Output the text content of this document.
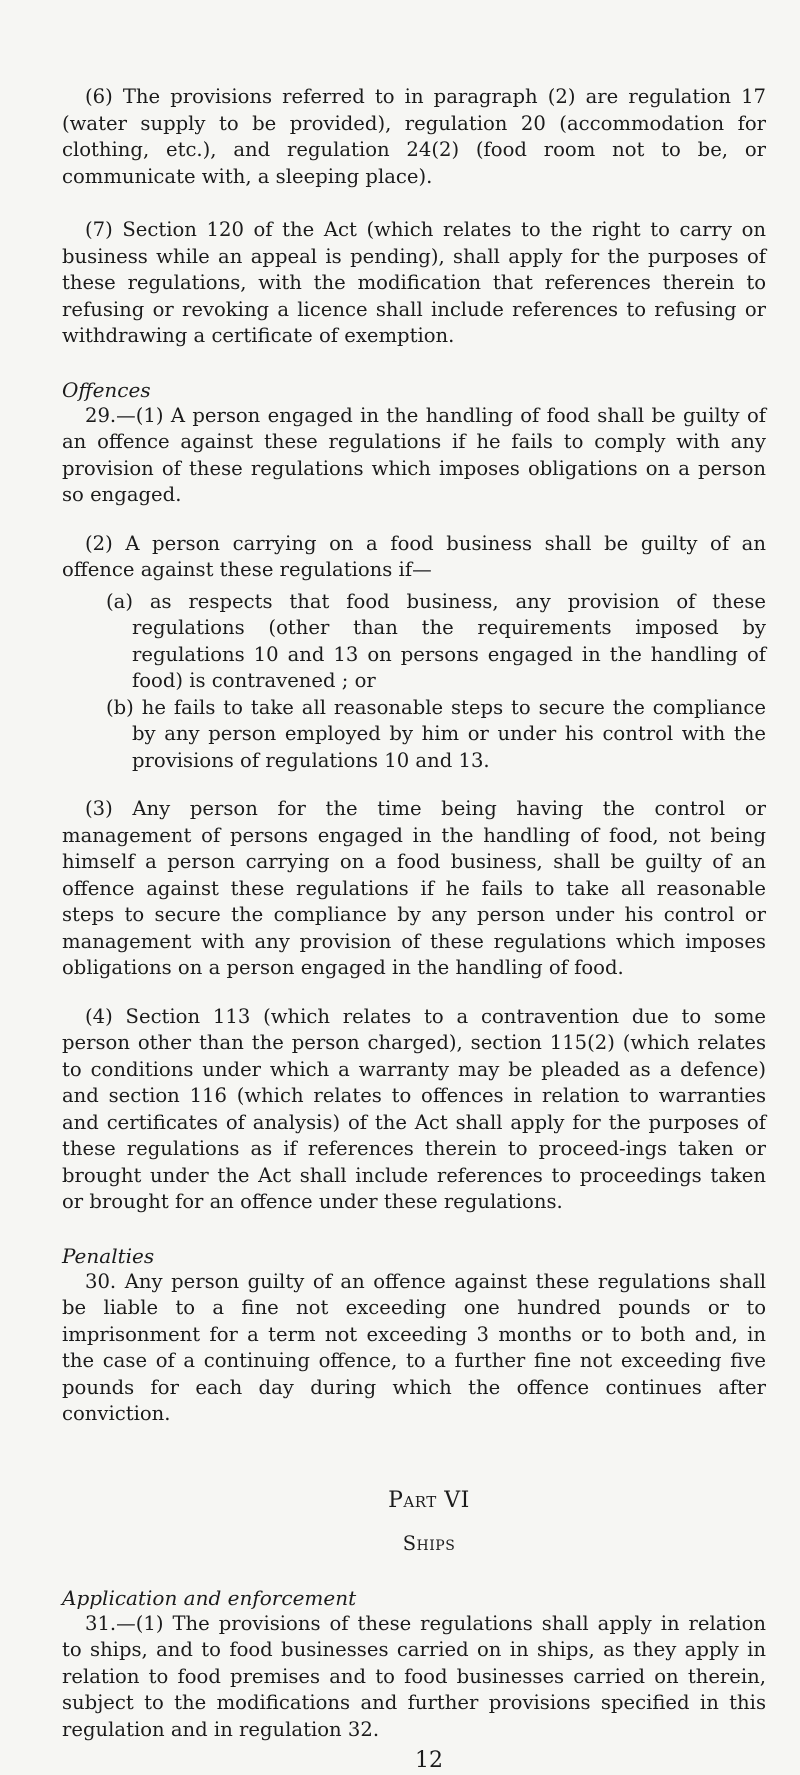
(6) The provisions referred to in paragraph (2) are regulation 17 (water supply to be provided), regulation 20 (accommodation for clothing, etc.), and regulation 24(2) (food room not to be, or communicate with, a sleeping place).

(7) Section 120 of the Act (which relates to the right to carry on business while an appeal is pending), shall apply for the purposes of these regulations, with the modification that references therein to refusing or revoking a licence shall include references to refusing or withdrawing a certificate of exemption.

Offences

29.—(1) A person engaged in the handling of food shall be guilty of an offence against these regulations if he fails to comply with any provision of these regulations which imposes obligations on a person so engaged.

(2) A person carrying on a food business shall be guilty of an offence against these regulations if—

(a) as respects that food business, any provision of these regulations (other than the requirements imposed by regulations 10 and 13 on persons engaged in the handling of food) is contravened ; or

(b) he fails to take all reasonable steps to secure the compliance by any person employed by him or under his control with the provisions of regulations 10 and 13.

(3) Any person for the time being having the control or management of persons engaged in the handling of food, not being himself a person carrying on a food business, shall be guilty of an offence against these regulations if he fails to take all reasonable steps to secure the compliance by any person under his control or management with any provision of these regulations which imposes obligations on a person engaged in the handling of food.

(4) Section 113 (which relates to a contravention due to some person other than the person charged), section 115(2) (which relates to conditions under which a warranty may be pleaded as a defence) and section 116 (which relates to offences in relation to warranties and certificates of analysis) of the Act shall apply for the purposes of these regulations as if references therein to proceed-ings taken or brought under the Act shall include references to proceedings taken or brought for an offence under these regulations.

Penalties

30. Any person guilty of an offence against these regulations shall be liable to a fine not exceeding one hundred pounds or to imprisonment for a term not exceeding 3 months or to both and, in the case of a continuing offence, to a further fine not exceeding five pounds for each day during which the offence continues after conviction.

Part VI
Ships
Application and enforcement

31.—(1) The provisions of these regulations shall apply in relation to ships, and to food businesses carried on in ships, as they apply in relation to food premises and to food businesses carried on therein, subject to the modifications and further provisions specified in this regulation and in regulation 32.

12
